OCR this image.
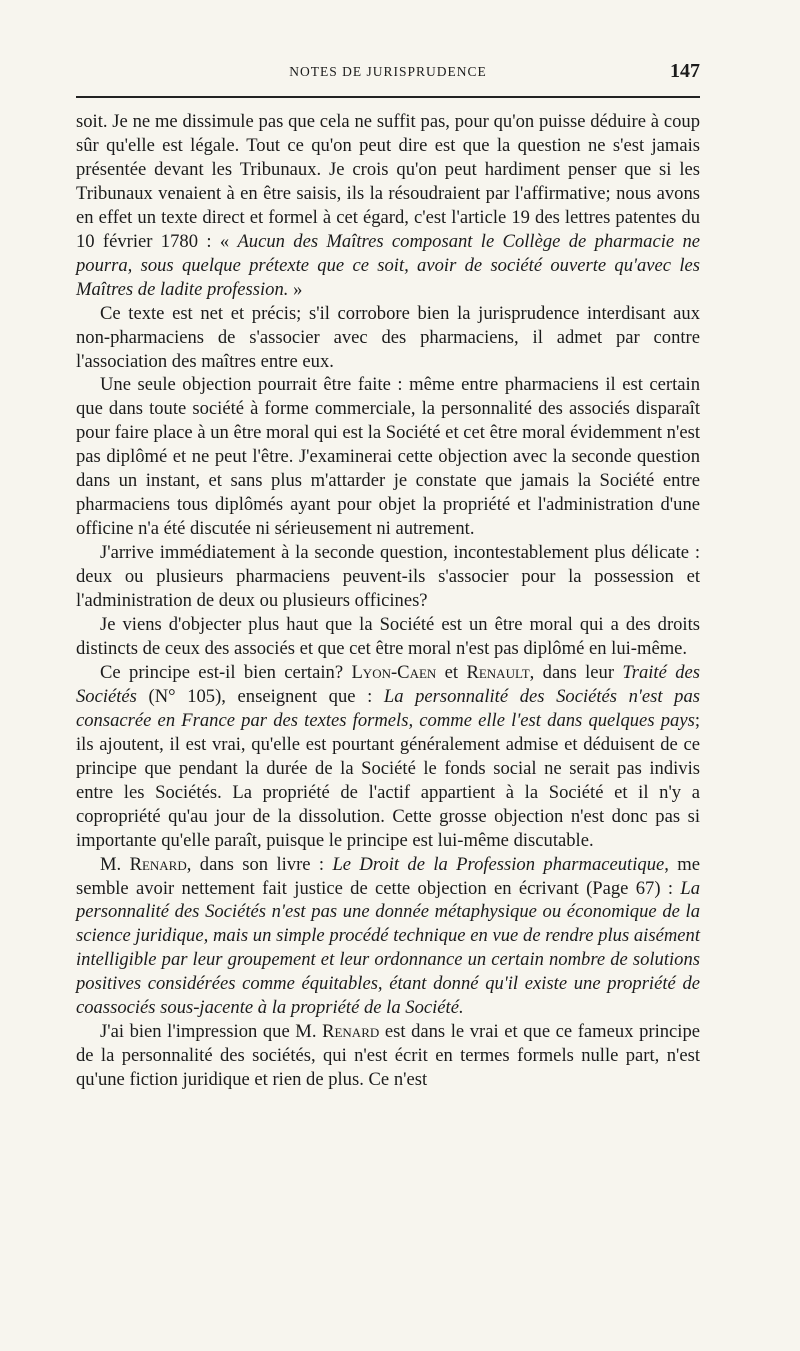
NOTES DE JURISPRUDENCE	147

soit. Je ne me dissimule pas que cela ne suffit pas, pour qu'on puisse déduire à coup sûr qu'elle est légale. Tout ce qu'on peut dire est que la question ne s'est jamais présentée devant les Tribunaux. Je crois qu'on peut hardiment penser que si les Tribunaux venaient à en être saisis, ils la résoudraient par l'affirmative; nous avons en effet un texte direct et formel à cet égard, c'est l'article 19 des lettres patentes du 10 février 1780 : « Aucun des Maîtres composant le Collège de pharmacie ne pourra, sous quelque prétexte que ce soit, avoir de société ouverte qu'avec les Maîtres de ladite profession. »

Ce texte est net et précis; s'il corrobore bien la jurisprudence interdisant aux non-pharmaciens de s'associer avec des pharmaciens, il admet par contre l'association des maîtres entre eux.

Une seule objection pourrait être faite : même entre pharmaciens il est certain que dans toute société à forme commerciale, la personnalité des associés disparaît pour faire place à un être moral qui est la Société et cet être moral évidemment n'est pas diplômé et ne peut l'être. J'examinerai cette objection avec la seconde question dans un instant, et sans plus m'attarder je constate que jamais la Société entre pharmaciens tous diplômés ayant pour objet la propriété et l'administration d'une officine n'a été discutée ni sérieusement ni autrement.

J'arrive immédiatement à la seconde question, incontestablement plus délicate : deux ou plusieurs pharmaciens peuvent-ils s'associer pour la possession et l'administration de deux ou plusieurs officines?

Je viens d'objecter plus haut que la Société est un être moral qui a des droits distincts de ceux des associés et que cet être moral n'est pas diplômé en lui-même.

Ce principe est-il bien certain? Lyon-Caen et Renault, dans leur Traité des Sociétés (N° 105), enseignent que : La personnalité des Sociétés n'est pas consacrée en France par des textes formels, comme elle l'est dans quelques pays; ils ajoutent, il est vrai, qu'elle est pourtant généralement admise et déduisent de ce principe que pendant la durée de la Société le fonds social ne serait pas indivis entre les Sociétés. La propriété de l'actif appartient à la Société et il n'y a copropriété qu'au jour de la dissolution. Cette grosse objection n'est donc pas si importante qu'elle paraît, puisque le principe est lui-même discutable.

M. Renard, dans son livre : Le Droit de la Profession pharmaceutique, me semble avoir nettement fait justice de cette objection en écrivant (Page 67) : La personnalité des Sociétés n'est pas une donnée métaphysique ou économique de la science juridique, mais un simple procédé technique en vue de rendre plus aisément intelligible par leur groupement et leur ordonnance un certain nombre de solutions positives considérées comme équitables, étant donné qu'il existe une propriété de coassociés sous-jacente à la propriété de la Société.

J'ai bien l'impression que M. Renard est dans le vrai et que ce fameux principe de la personnalité des sociétés, qui n'est écrit en termes formels nulle part, n'est qu'une fiction juridique et rien de plus. Ce n'est
